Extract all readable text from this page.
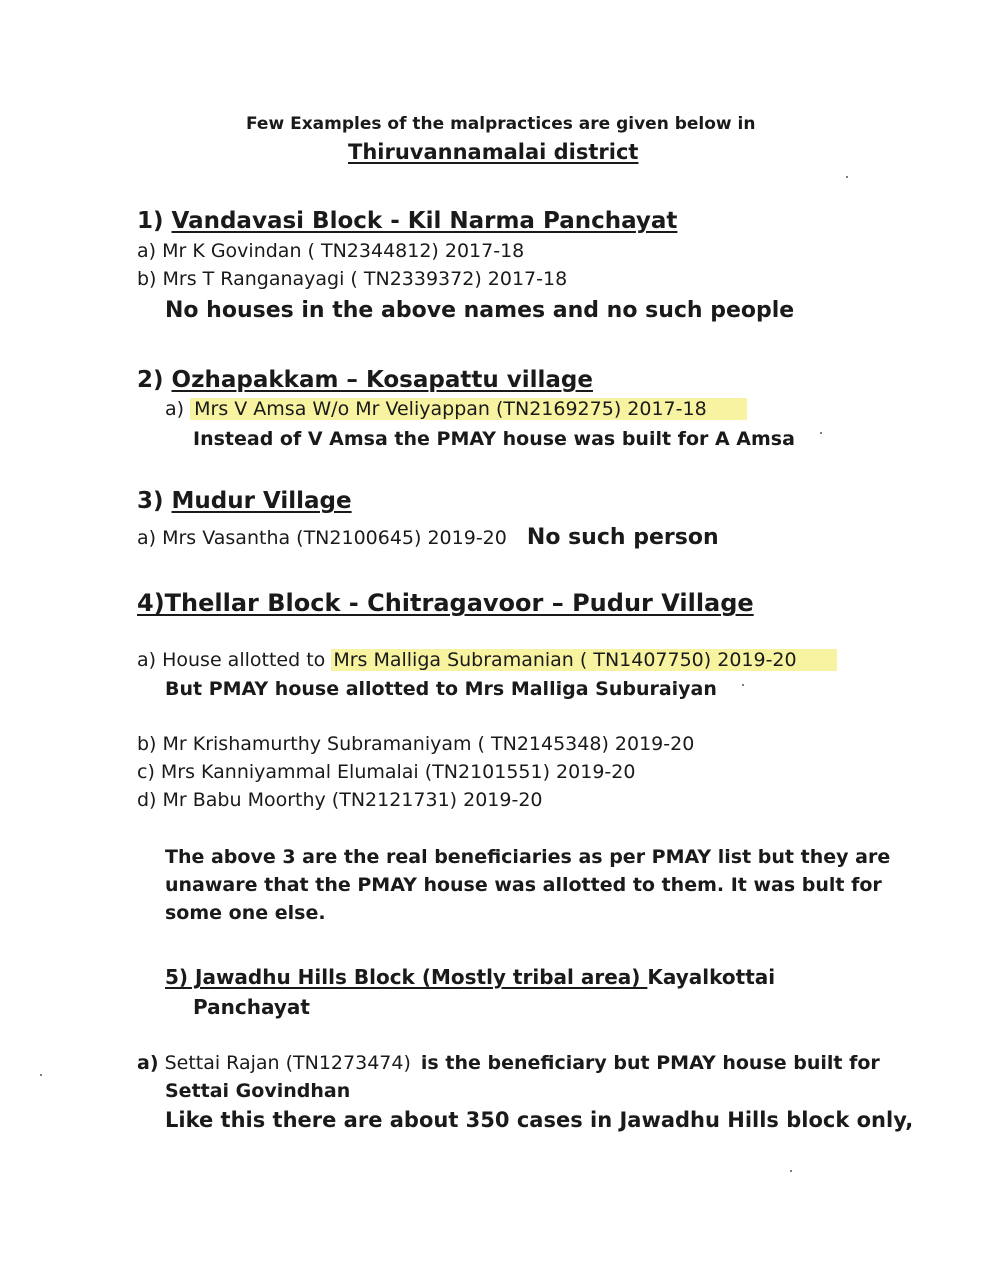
Few Examples of the malpractices are given below in
Thiruvannamalai district
1) Vandavasi Block - Kil Narma Panchayat
a) Mr K Govindan ( TN2344812) 2017-18
b) Mrs T Ranganayagi ( TN2339372) 2017-18
No houses in the above names and no such people
2) Ozhapakkam – Kosapattu village
a) Mrs V Amsa W/o Mr Veliyappan (TN2169275) 2017-18
Instead of V Amsa the PMAY house was built for A Amsa
3) Mudur Village
a) Mrs Vasantha (TN2100645) 2019-20 No such person
4)Thellar Block - Chitragavoor – Pudur Village
a) House allotted to Mrs Malliga Subramanian ( TN1407750) 2019-20
But PMAY house allotted to Mrs Malliga Suburaiyan
b) Mr Krishamurthy Subramaniyam ( TN2145348) 2019-20
c) Mrs Kanniyammal Elumalai (TN2101551) 2019-20
d) Mr Babu Moorthy (TN2121731) 2019-20
The above 3 are the real beneficiaries as per PMAY list but they are
unaware that the PMAY house was allotted to them. It was bult for
some one else.
5) Jawadhu Hills Block (Mostly tribal area) Kayalkottai
Panchayat
a) Settai Rajan (TN1273474) is the beneficiary but PMAY house built for
Settai Govindhan
Like this there are about 350 cases in Jawadhu Hills block only,
